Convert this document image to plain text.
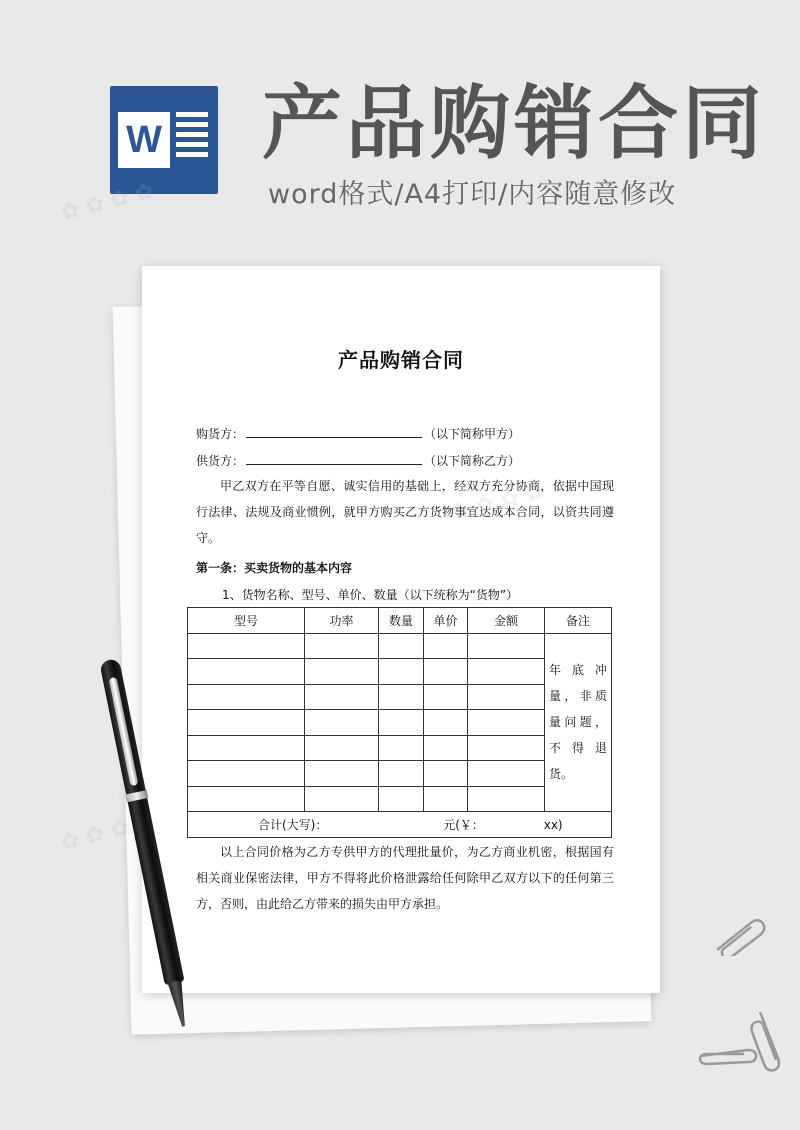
W 产品购销合同
word格式/A4打印/内容随意修改
产品购销合同
购货方：	（以下简称甲方）
供货方：	（以下简称乙方）
甲乙双方在平等自愿、诚实信用的基础上，经双方充分协商，依据中国现行法律、法规及商业惯例，就甲方购买乙方货物事宜达成本合同，以资共同遵守。
第一条：买卖货物的基本内容
1、货物名称、型号、单价、数量（以下统称为“货物”）
型号	功率	数量	单价	金额	备注
					年底冲量，非质量问题，不得退货。

合计(大写)： 元(￥： xx)					
以上合同价格为乙方专供甲方的代理批量价，为乙方商业机密，根据国有相关商业保密法律，甲方不得将此价格泄露给任何除甲乙双方以下的任何第三方，否则，由此给乙方带来的损失由甲方承担。
✿ ✿ ✿ ✿
✿ ✿ ✿ ✿
